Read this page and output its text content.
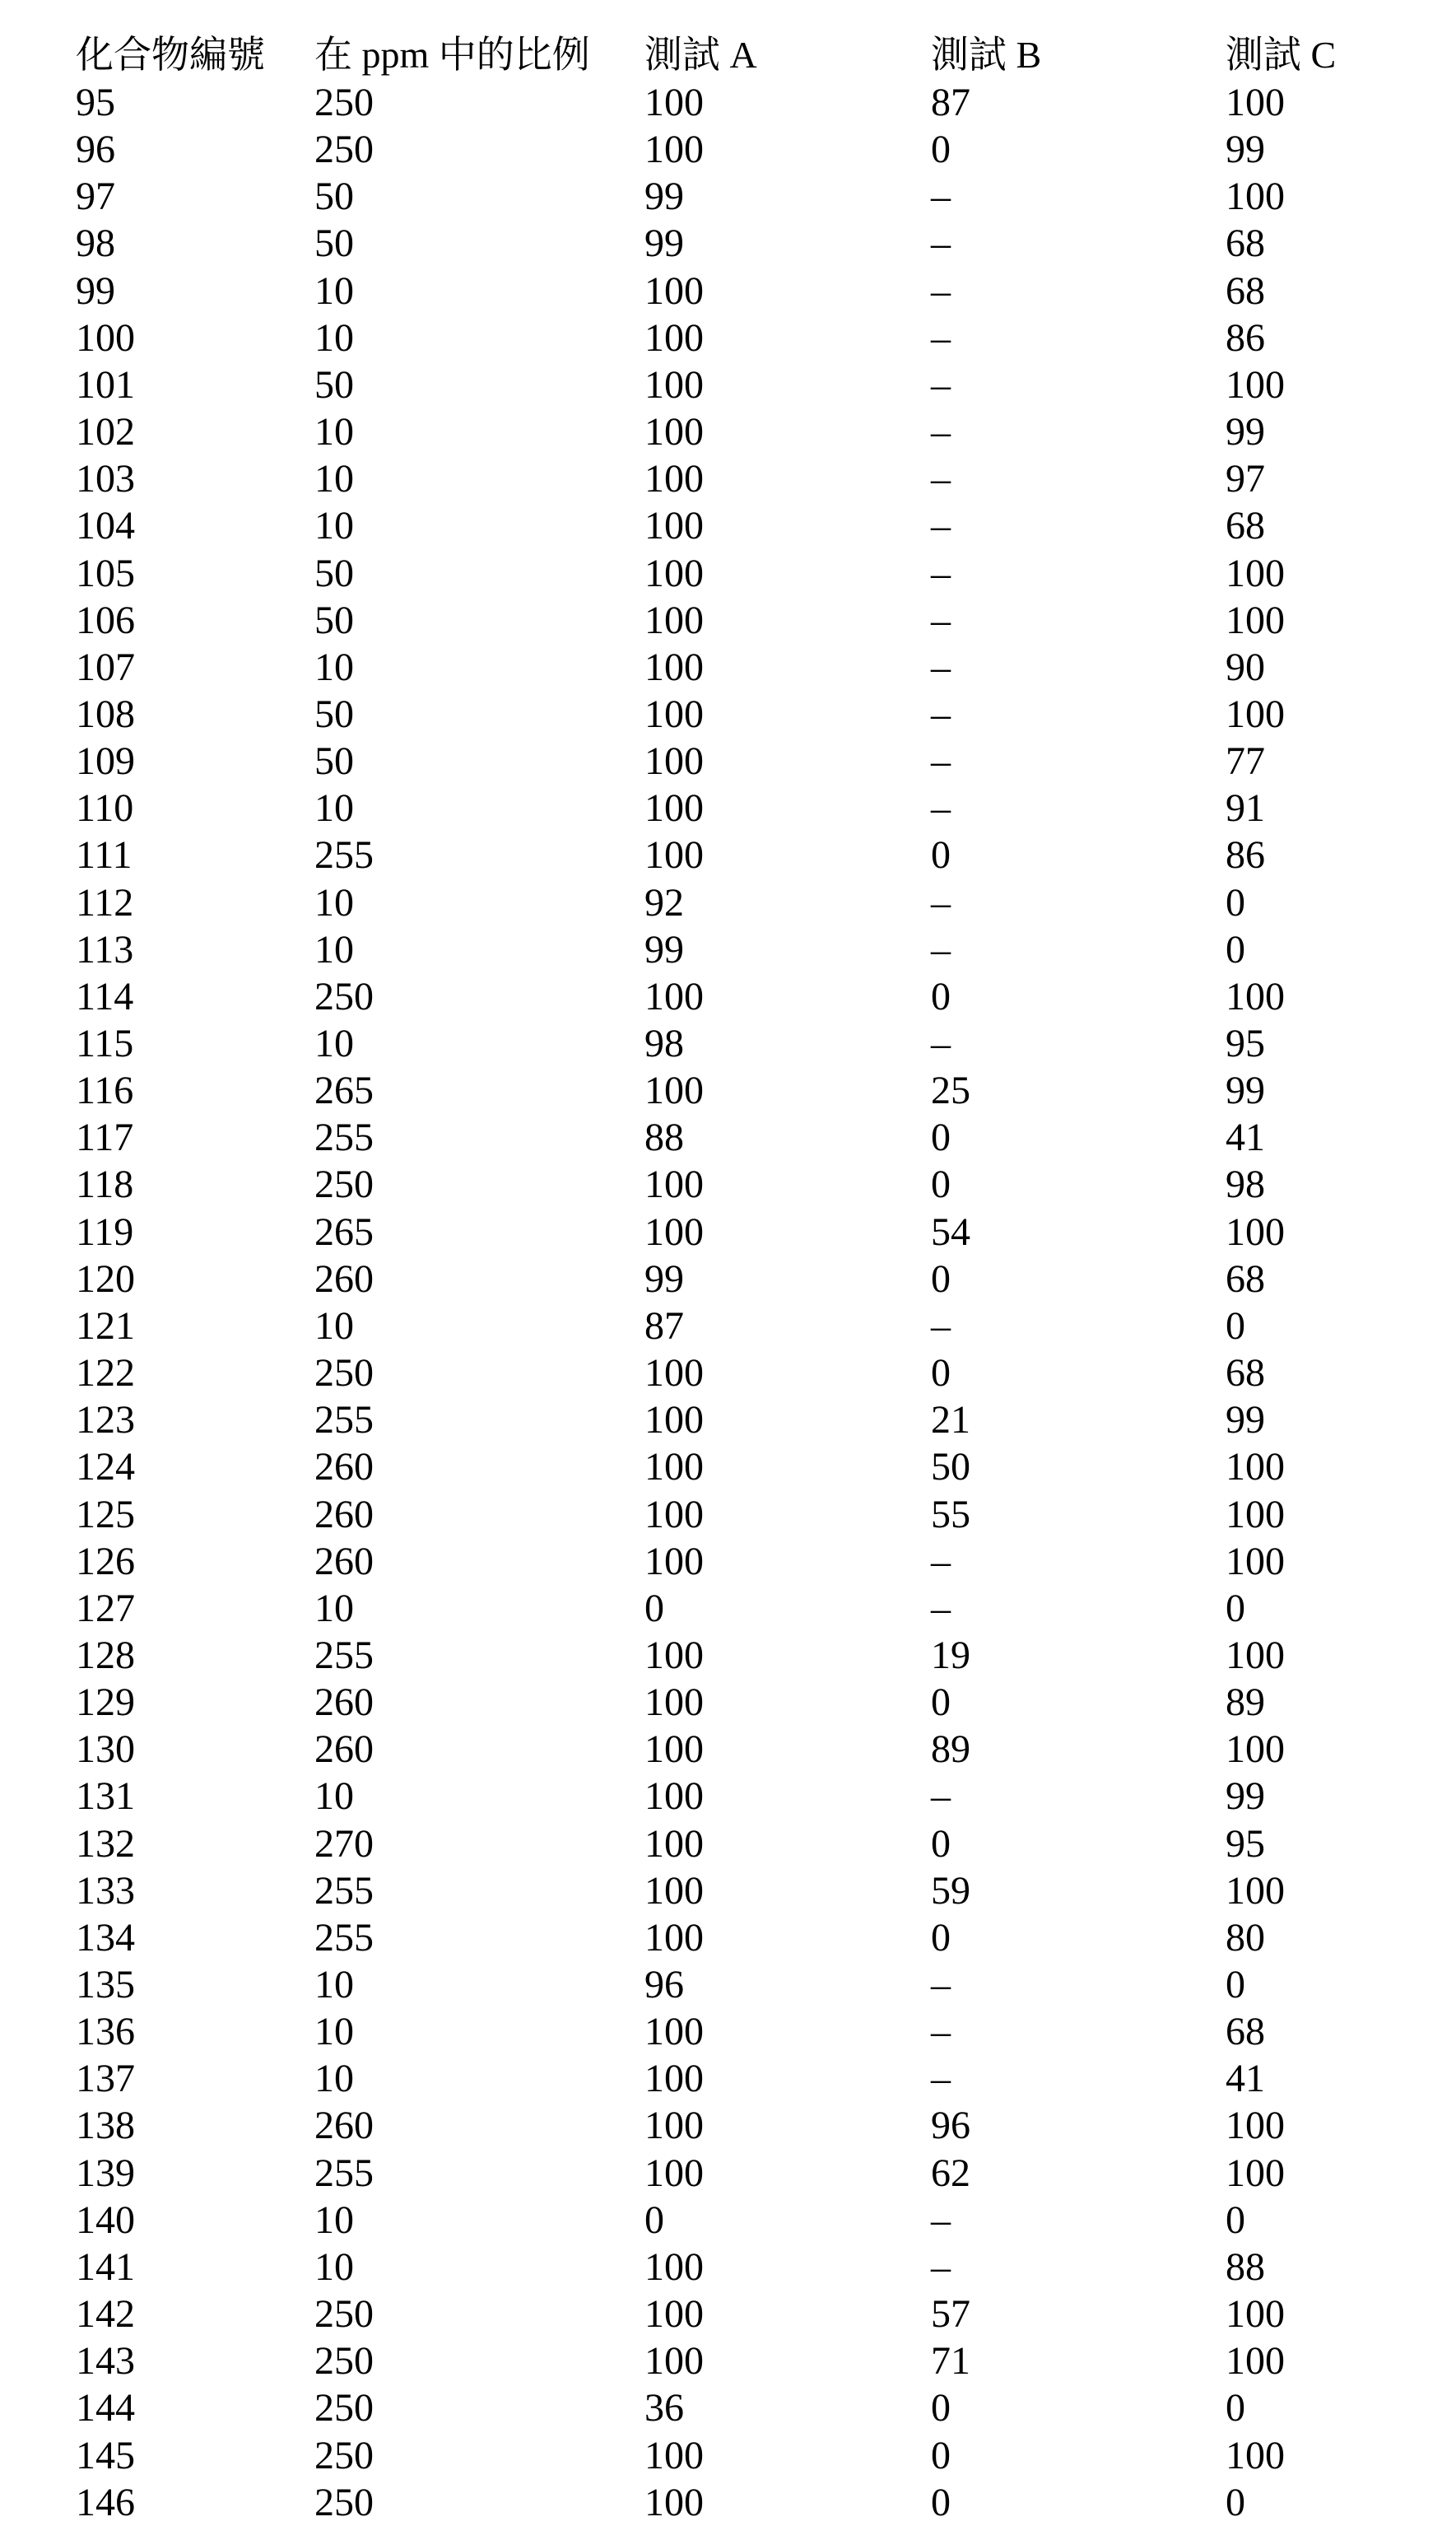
化合物編號 在 ppm 中的比例 測試 A	測試 B	測試 C
95	250	100	87	100
96	250	100	0	99
97	50	99	–	100
98	50	99	–	68
99	10	100	–	68
100	10	100	–	86
101	50	100	–	100
102	10	100	–	99
103	10	100	–	97
104	10	100	–	68
105	50	100	–	100
106	50	100	–	100
107	10	100	–	90
108	50	100	–	100
109	50	100	–	77
110	10	100	–	91
111	255	100	0	86
112	10	92	–	0
113	10	99	–	0
114	250	100	0	100
115	10	98	–	95
116	265	100	25	99
117	255	88	0	41
118	250	100	0	98
119	265	100	54	100
120	260	99	0	68
121	10	87	–	0
122	250	100	0	68
123	255	100	21	99
124	260	100	50	100
125	260	100	55	100
126	260	100	–	100
127	10	0	–	0
128	255	100	19	100
129	260	100	0	89
130	260	100	89	100
131	10	100	–	99
132	270	100	0	95
133	255	100	59	100
134	255	100	0	80
135	10	96	–	0
136	10	100	–	68
137	10	100	–	41
138	260	100	96	100
139	255	100	62	100
140	10	0	–	0
141	10	100	–	88
142	250	100	57	100
143	250	100	71	100
144	250	36	0	0
145	250	100	0	100
146	250	100	0	0
